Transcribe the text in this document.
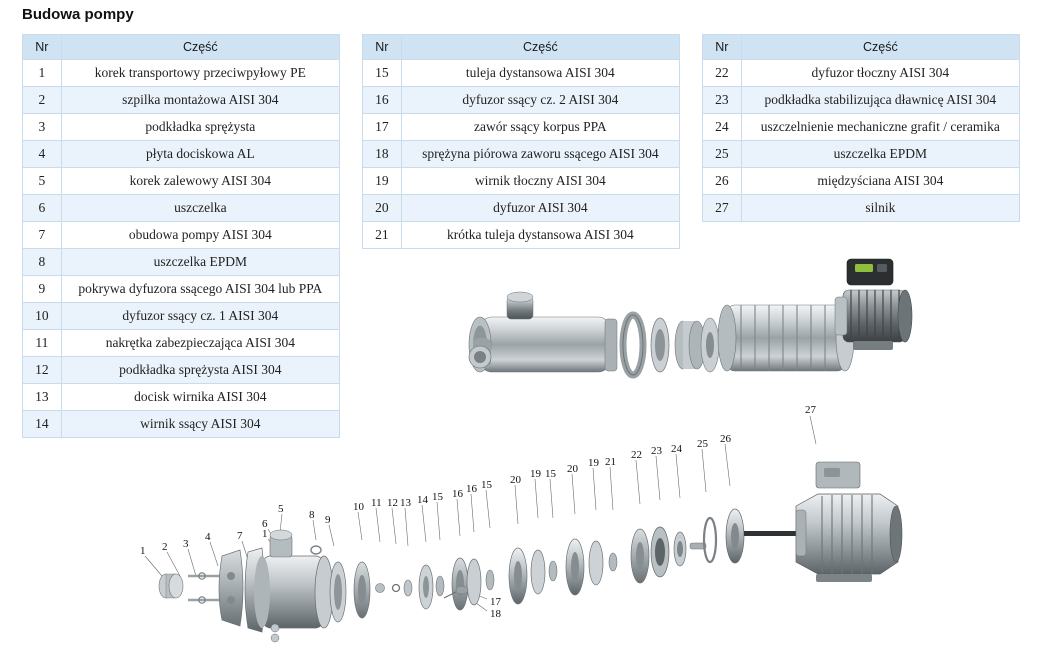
Budowa pompy
Nr	Część
1	korek transportowy przeciwpyłowy PE
2	szpilka montażowa AISI 304
3	podkładka sprężysta
4	płyta dociskowa AL
5	korek zalewowy AISI 304
6	uszczelka
7	obudowa pompy AISI 304
8	uszczelka EPDM
9	pokrywa dyfuzora ssącego AISI 304 lub PPA
10	dyfuzor ssący cz. 1 AISI 304
11	nakrętka zabezpieczająca AISI 304
12	podkładka sprężysta AISI 304
13	docisk wirnika AISI 304
14	wirnik ssący AISI 304
Nr	Część
15	tuleja dystansowa AISI 304
16	dyfuzor ssący cz. 2 AISI 304
17	zawór ssący korpus PPA
18	sprężyna piórowa zaworu ssącego AISI 304
19	wirnik tłoczny AISI 304
20	dyfuzor AISI 304
21	krótka tuleja dystansowa AISI 304
Nr	Część
22	dyfuzor tłoczny AISI 304
23	podkładka stabilizująca dławnicę AISI 304
24	uszczelnienie mechaniczne grafit / ceramika
25	uszczelka EPDM
26	międzyściana AISI 304
27	silnik
1 2 3
4 7
5
6
1
8 9
10 11 12 13 14 15 16 16 15 20 19 15 20 19 21
22 23 24 25 26
27
17
18
